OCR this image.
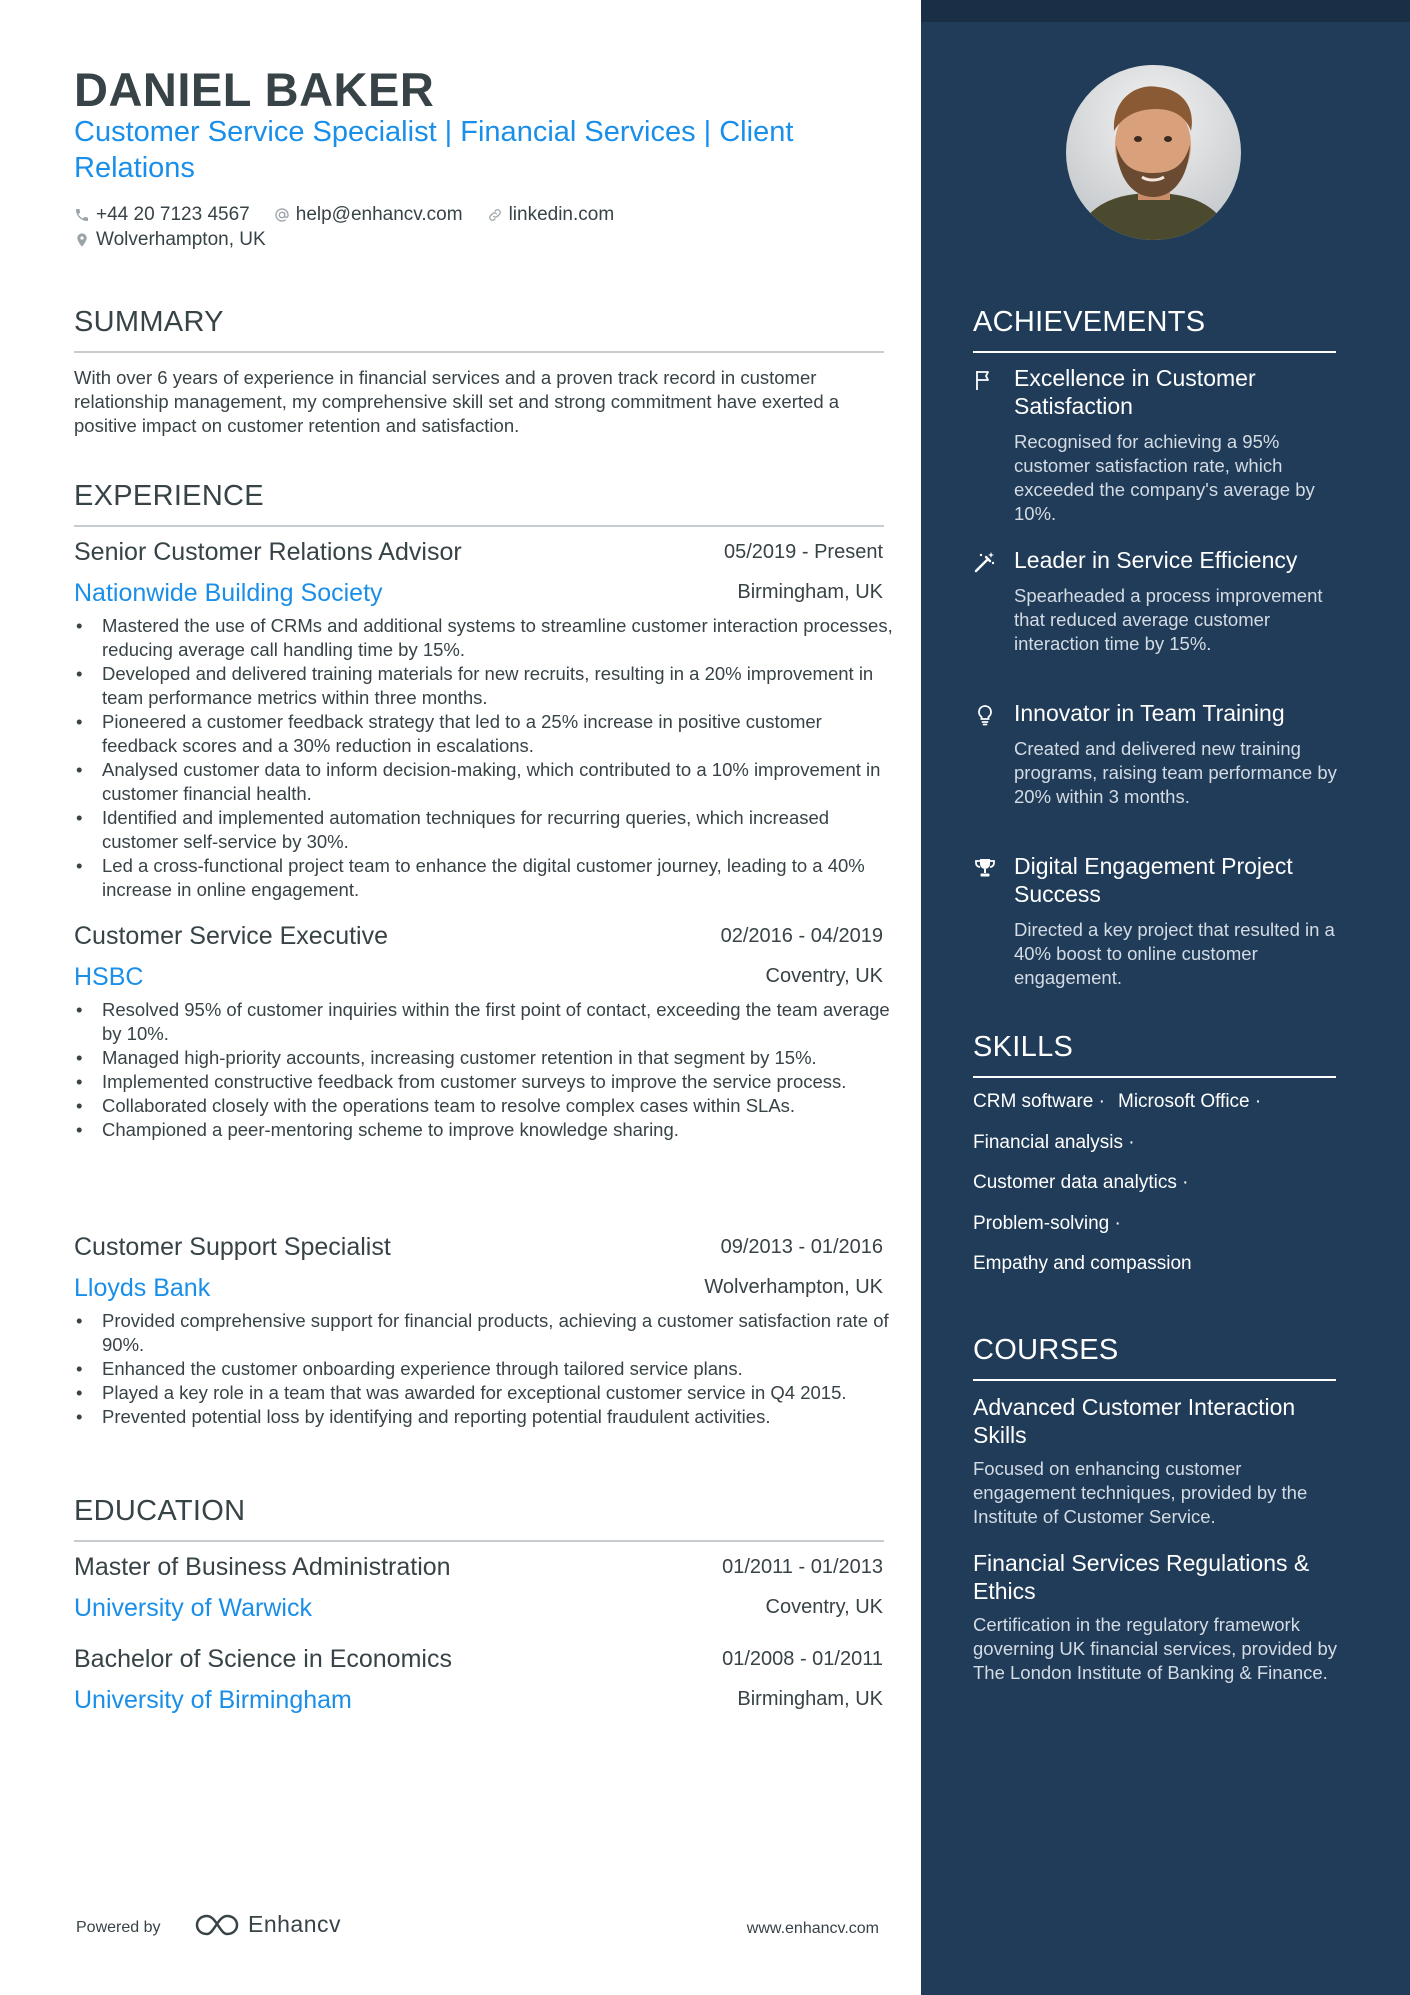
DANIEL BAKER
Customer Service Specialist | Financial Services | Client Relations
+44 20 7123 4567 help@enhancv.com linkedin.com
Wolverhampton, UK
SUMMARY
With over 6 years of experience in financial services and a proven track record in customer relationship management, my comprehensive skill set and strong commitment have exerted a positive impact on customer retention and satisfaction.
EXPERIENCE
Senior Customer Relations Advisor	05/2019 - Present
Nationwide Building Society	Birmingham, UK
• Mastered the use of CRMs and additional systems to streamline customer interaction processes, reducing average call handling time by 15%.
• Developed and delivered training materials for new recruits, resulting in a 20% improvement in team performance metrics within three months.
• Pioneered a customer feedback strategy that led to a 25% increase in positive customer feedback scores and a 30% reduction in escalations.
• Analysed customer data to inform decision-making, which contributed to a 10% improvement in customer financial health.
• Identified and implemented automation techniques for recurring queries, which increased customer self-service by 30%.
• Led a cross-functional project team to enhance the digital customer journey, leading to a 40% increase in online engagement.
Customer Service Executive	02/2016 - 04/2019
HSBC	Coventry, UK
• Resolved 95% of customer inquiries within the first point of contact, exceeding the team average by 10%.
• Managed high-priority accounts, increasing customer retention in that segment by 15%.
• Implemented constructive feedback from customer surveys to improve the service process.
• Collaborated closely with the operations team to resolve complex cases within SLAs.
• Championed a peer-mentoring scheme to improve knowledge sharing.
Customer Support Specialist	09/2013 - 01/2016
Lloyds Bank	Wolverhampton, UK
• Provided comprehensive support for financial products, achieving a customer satisfaction rate of 90%.
• Enhanced the customer onboarding experience through tailored service plans.
• Played a key role in a team that was awarded for exceptional customer service in Q4 2015.
• Prevented potential loss by identifying and reporting potential fraudulent activities.
EDUCATION
Master of Business Administration	01/2011 - 01/2013
University of Warwick	Coventry, UK
Bachelor of Science in Economics	01/2008 - 01/2011
University of Birmingham	Birmingham, UK
Powered by	Enhancv	www.enhancv.com
ACHIEVEMENTS
Excellence in Customer Satisfaction
Recognised for achieving a 95% customer satisfaction rate, which exceeded the company's average by 10%.
Leader in Service Efficiency
Spearheaded a process improvement that reduced average customer interaction time by 15%.
Innovator in Team Training
Created and delivered new training programs, raising team performance by 20% within 3 months.
Digital Engagement Project Success
Directed a key project that resulted in a 40% boost to online customer engagement.
SKILLS
CRM software · Microsoft Office ·
Financial analysis ·
Customer data analytics ·
Problem-solving ·
Empathy and compassion
COURSES
Advanced Customer Interaction Skills
Focused on enhancing customer engagement techniques, provided by the Institute of Customer Service.
Financial Services Regulations & Ethics
Certification in the regulatory framework governing UK financial services, provided by The London Institute of Banking & Finance.
